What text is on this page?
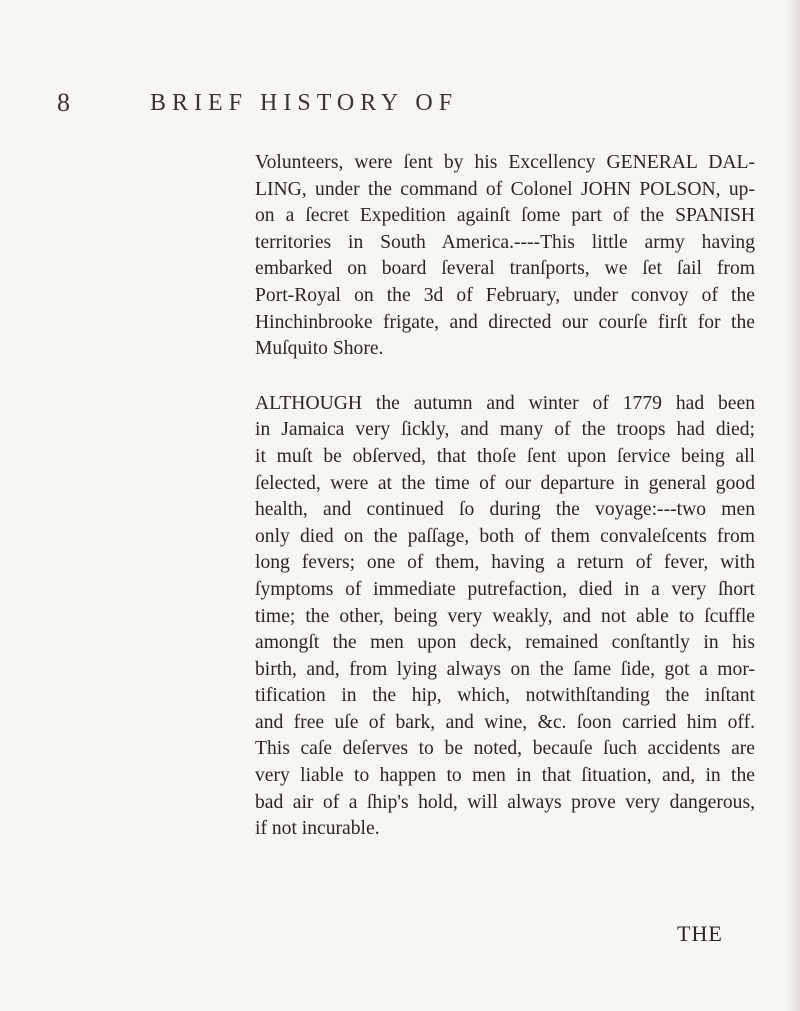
8	BRIEF HISTORY OF
Volunteers, were ſent by his Excellency GENERAL DAL-
LING, under the command of Colonel JOHN POLSON, up-
on a ſecret Expedition againſt ſome part of the SPANISH
territories in South America.----This little army having
embarked on board ſeveral tranſports, we ſet ſail from
Port-Royal on the 3d of February, under convoy of the
Hinchinbrooke frigate, and directed our courſe firſt for the
Muſquito Shore.
ALTHOUGH the autumn and winter of 1779 had been
in Jamaica very ſickly, and many of the troops had died;
it muſt be obſerved, that thoſe ſent upon ſervice being all
ſelected, were at the time of our departure in general good
health, and continued ſo during the voyage:---two men
only died on the paſſage, both of them convaleſcents from
long fevers; one of them, having a return of fever, with
ſymptoms of immediate putrefaction, died in a very ſhort
time; the other, being very weakly, and not able to ſcuffle
amongſt the men upon deck, remained conſtantly in his
birth, and, from lying always on the ſame ſide, got a mor-
tification in the hip, which, notwithſtanding the inſtant
and free uſe of bark, and wine, &c. ſoon carried him off.
This caſe deſerves to be noted, becauſe ſuch accidents are
very liable to happen to men in that ſituation, and, in the
bad air of a ſhip's hold, will always prove very dangerous,
if not incurable.
THE
